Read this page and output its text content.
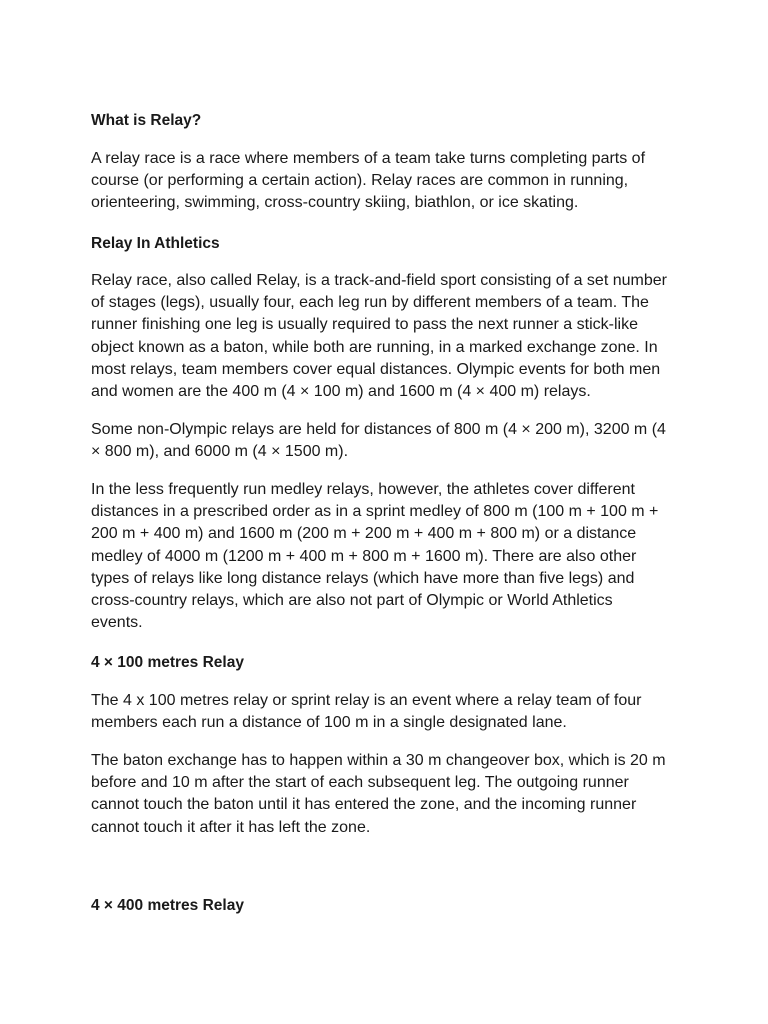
What is Relay?

A relay race is a race where members of a team take turns completing parts of
course (or performing a certain action). Relay races are common in running,
orienteering, swimming, cross-country skiing, biathlon, or ice skating.

Relay In Athletics

Relay race, also called Relay, is a track-and-field sport consisting of a set number
of stages (legs), usually four, each leg run by different members of a team. The
runner finishing one leg is usually required to pass the next runner a stick-like
object known as a baton, while both are running, in a marked exchange zone. In
most relays, team members cover equal distances. Olympic events for both men
and women are the 400 m (4 × 100 m) and 1600 m (4 × 400 m) relays.

Some non-Olympic relays are held for distances of 800 m (4 × 200 m), 3200 m (4
× 800 m), and 6000 m (4 × 1500 m).

In the less frequently run medley relays, however, the athletes cover different
distances in a prescribed order as in a sprint medley of 800 m (100 m + 100 m +
200 m + 400 m) and 1600 m (200 m + 200 m + 400 m + 800 m) or a distance
medley of 4000 m (1200 m + 400 m + 800 m + 1600 m). There are also other
types of relays like long distance relays (which have more than five legs) and
cross-country relays, which are also not part of Olympic or World Athletics
events.

4 × 100 metres Relay

The 4 x 100 metres relay or sprint relay is an event where a relay team of four
members each run a distance of 100 m in a single designated lane.

The baton exchange has to happen within a 30 m changeover box, which is 20 m
before and 10 m after the start of each subsequent leg. The outgoing runner
cannot touch the baton until it has entered the zone, and the incoming runner
cannot touch it after it has left the zone.

4 × 400 metres Relay
